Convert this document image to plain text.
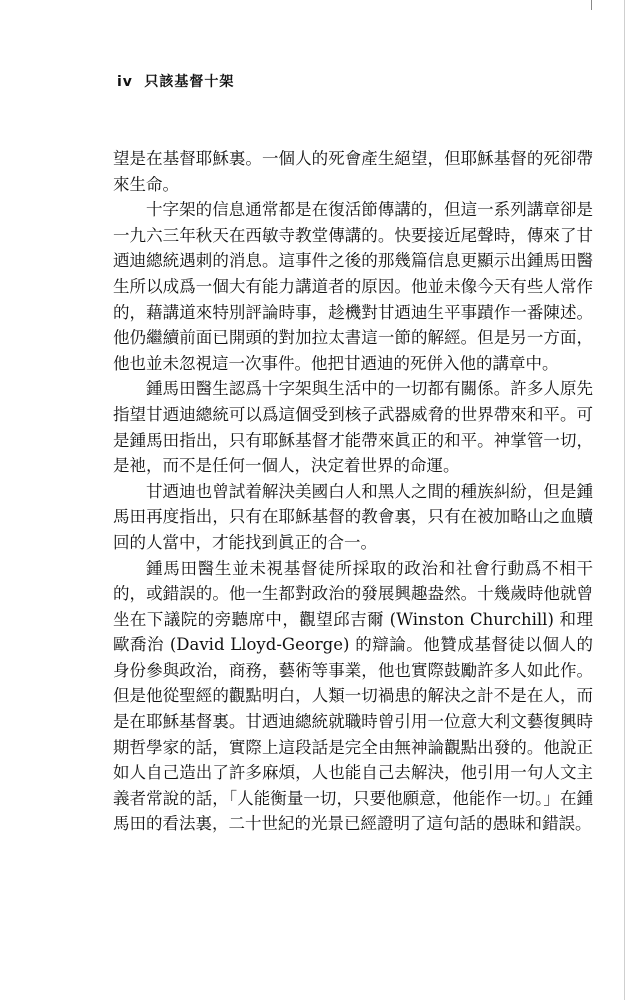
iv 只該基督十架

望是在基督耶穌裏。一個人的死會產生絕望，但耶穌基督的死卻帶來生命。

十字架的信息通常都是在復活節傳講的，但這一系列講章卻是一九六三年秋天在西敏寺教堂傳講的。快要接近尾聲時，傳來了甘迺迪總統遇刺的消息。這事件之後的那幾篇信息更顯示出鍾馬田醫生所以成爲一個大有能力講道者的原因。他並未像今天有些人常作的，藉講道來特別評論時事，趁機對甘迺迪生平事蹟作一番陳述。他仍繼續前面已開頭的對加拉太書這一節的解經。但是另一方面，他也並未忽視這一次事件。他把甘迺迪的死併入他的講章中。

鍾馬田醫生認爲十字架與生活中的一切都有關係。許多人原先指望甘迺迪總統可以爲這個受到核子武器威脅的世界帶來和平。可是鍾馬田指出，只有耶穌基督才能帶來眞正的和平。神掌管一切，是祂，而不是任何一個人，決定着世界的命運。

甘迺迪也曾試着解決美國白人和黑人之間的種族糾紛，但是鍾馬田再度指出，只有在耶穌基督的教會裏，只有在被加略山之血贖回的人當中，才能找到眞正的合一。

鍾馬田醫生並未視基督徒所採取的政治和社會行動爲不相干的，或錯誤的。他一生都對政治的發展興趣盎然。十幾歲時他就曾坐在下議院的旁聽席中，觀望邱吉爾 (Winston Churchill) 和理歐喬治 (David Lloyd-George) 的辯論。他贊成基督徒以個人的身份參與政治，商務，藝術等事業，他也實際鼓勵許多人如此作。但是他從聖經的觀點明白，人類一切禍患的解決之計不是在人，而是在耶穌基督裏。甘迺迪總統就職時曾引用一位意大利文藝復興時期哲學家的話，實際上這段話是完全由無神論觀點出發的。他說正如人自己造出了許多麻煩，人也能自己去解決，他引用一句人文主義者常說的話，「人能衡量一切，只要他願意，他能作一切。」在鍾馬田的看法裏，二十世紀的光景已經證明了這句話的愚昧和錯誤。
